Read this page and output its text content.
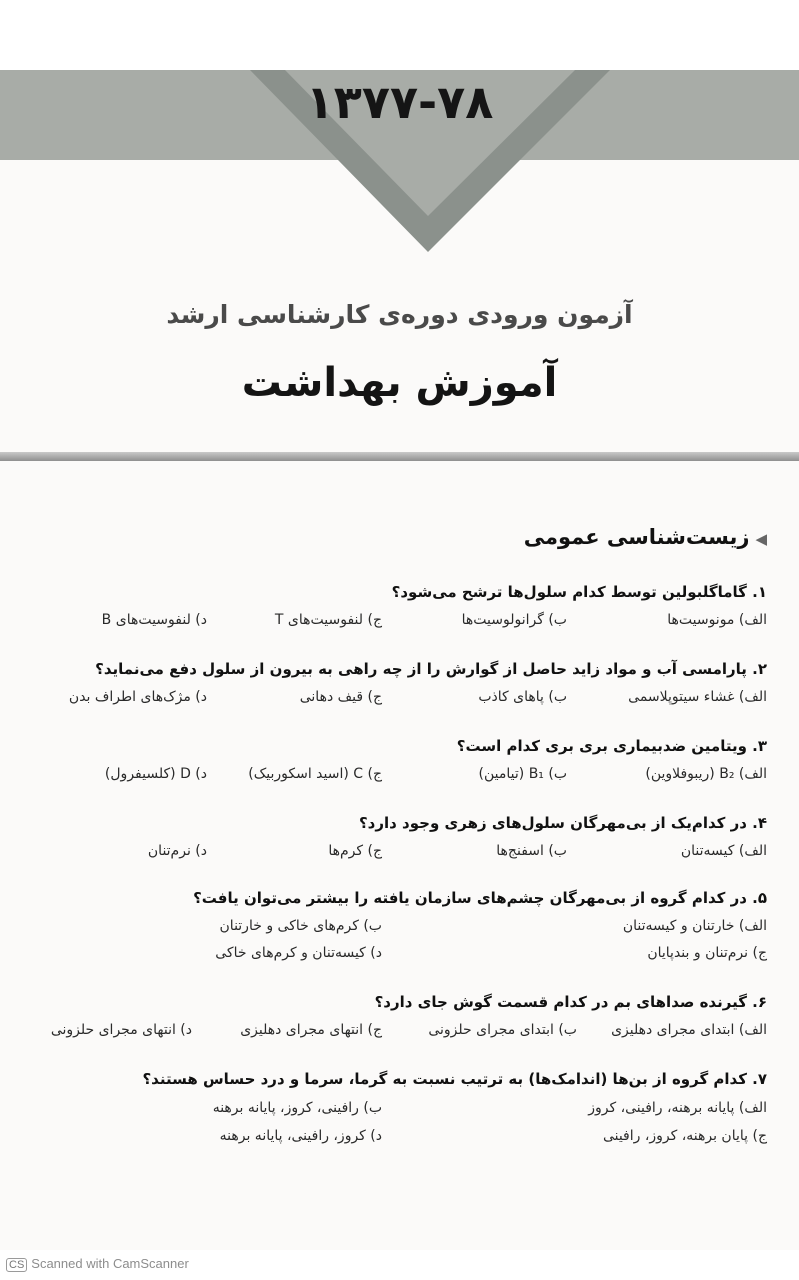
۱۳۷۷-۷۸
آزمون ورودی دوره‌ی کارشناسی ارشد
آموزش بهداشت
◀زیست‌شناسی عمومی
۱. گاماگلبولین توسط کدام سلول‌ها ترشح می‌شود؟
الف) مونوسیت‌ها
ب) گرانولوسیت‌ها
ج) لنفوسیت‌های T
د) لنفوسیت‌های B
۲. پارامسی آب و مواد زاید حاصل از گوارش را از چه راهی به بیرون از سلول دفع می‌نماید؟
الف) غشاء سیتوپلاسمی
ب) پاهای کاذب
ج) قیف دهانی
د) مژک‌های اطراف بدن
۳. ویتامین ضدبیماری بری بری کدام است؟
الف) B₂ (ریبوفلاوین)
ب) B₁ (تیامین)
ج) C (اسید اسکوربیک)
د) D (کلسیفرول)
۴. در کدام‌یک از بی‌مهرگان سلول‌های زهری وجود دارد؟
الف) کیسه‌تنان
ب) اسفنج‌ها
ج) کرم‌ها
د) نرم‌تنان
۵. در کدام گروه از بی‌مهرگان چشم‌های سازمان یافته را بیشتر می‌توان یافت؟
الف) خارتنان و کیسه‌تنان
ب) کرم‌های خاکی و خارتنان
ج) نرم‌تنان و بندپایان
د) کیسه‌تنان و کرم‌های خاکی
۶. گیرنده صداهای بم در کدام قسمت گوش جای دارد؟
الف) ابتدای مجرای دهلیزی
ب) ابتدای مجرای حلزونی
ج) انتهای مجرای دهلیزی
د) انتهای مجرای حلزونی
۷. کدام گروه از بن‌ها (اندامک‌ها) به ترتیب نسبت به گرما، سرما و درد حساس هستند؟
الف) پایانه برهنه، رافینی، کروز
ب) رافینی، کروز، پایانه برهنه
ج) پایان برهنه، کروز، رافینی
د) کروز، رافینی، پایانه برهنه
CS Scanned with CamScanner
